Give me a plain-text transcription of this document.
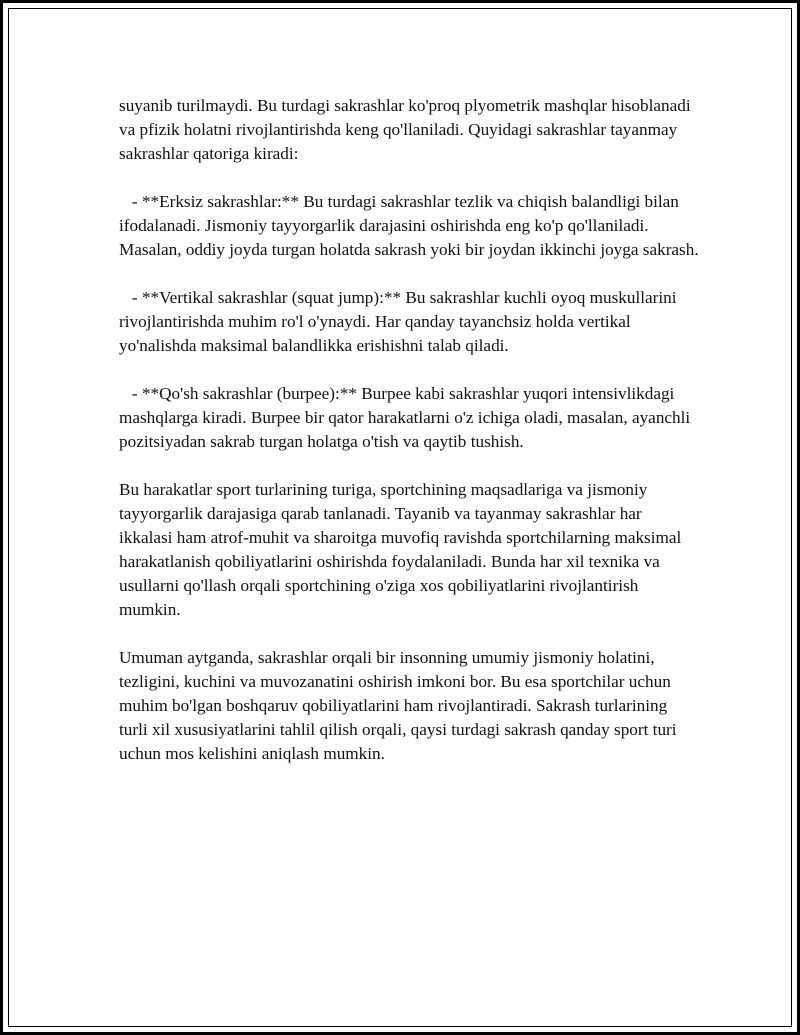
suyanib turilmaydi. Bu turdagi sakrashlar ko'proq plyometrik mashqlar hisoblanadi va pfizik holatni rivojlantirishda keng qo'llaniladi. Quyidagi sakrashlar tayanmay sakrashlar qatoriga kiradi:

- **Erksiz sakrashlar:** Bu turdagi sakrashlar tezlik va chiqish balandligi bilan ifodalanadi. Jismoniy tayyorgarlik darajasini oshirishda eng ko'p qo'llaniladi. Masalan, oddiy joyda turgan holatda sakrash yoki bir joydan ikkinchi joyga sakrash.

- **Vertikal sakrashlar (squat jump):** Bu sakrashlar kuchli oyoq muskullarini rivojlantirishda muhim ro'l o'ynaydi. Har qanday tayanchsiz holda vertikal yo'nalishda maksimal balandlikka erishishni talab qiladi.

- **Qo'sh sakrashlar (burpee):** Burpee kabi sakrashlar yuqori intensivlikdagi mashqlarga kiradi. Burpee bir qator harakatlarni o'z ichiga oladi, masalan, ayanchli pozitsiyadan sakrab turgan holatga o'tish va qaytib tushish.

Bu harakatlar sport turlarining turiga, sportchining maqsadlariga va jismoniy tayyorgarlik darajasiga qarab tanlanadi. Tayanib va tayanmay sakrashlar har ikkalasi ham atrof-muhit va sharoitga muvofiq ravishda sportchilarning maksimal harakatlanish qobiliyatlarini oshirishda foydalaniladi. Bunda har xil texnika va usullarni qo'llash orqali sportchining o'ziga xos qobiliyatlarini rivojlantirish mumkin.

Umuman aytganda, sakrashlar orqali bir insonning umumiy jismoniy holatini, tezligini, kuchini va muvozanatini oshirish imkoni bor. Bu esa sportchilar uchun muhim bo'lgan boshqaruv qobiliyatlarini ham rivojlantiradi. Sakrash turlarining turli xil xususiyatlarini tahlil qilish orqali, qaysi turdagi sakrash qanday sport turi uchun mos kelishini aniqlash mumkin.
